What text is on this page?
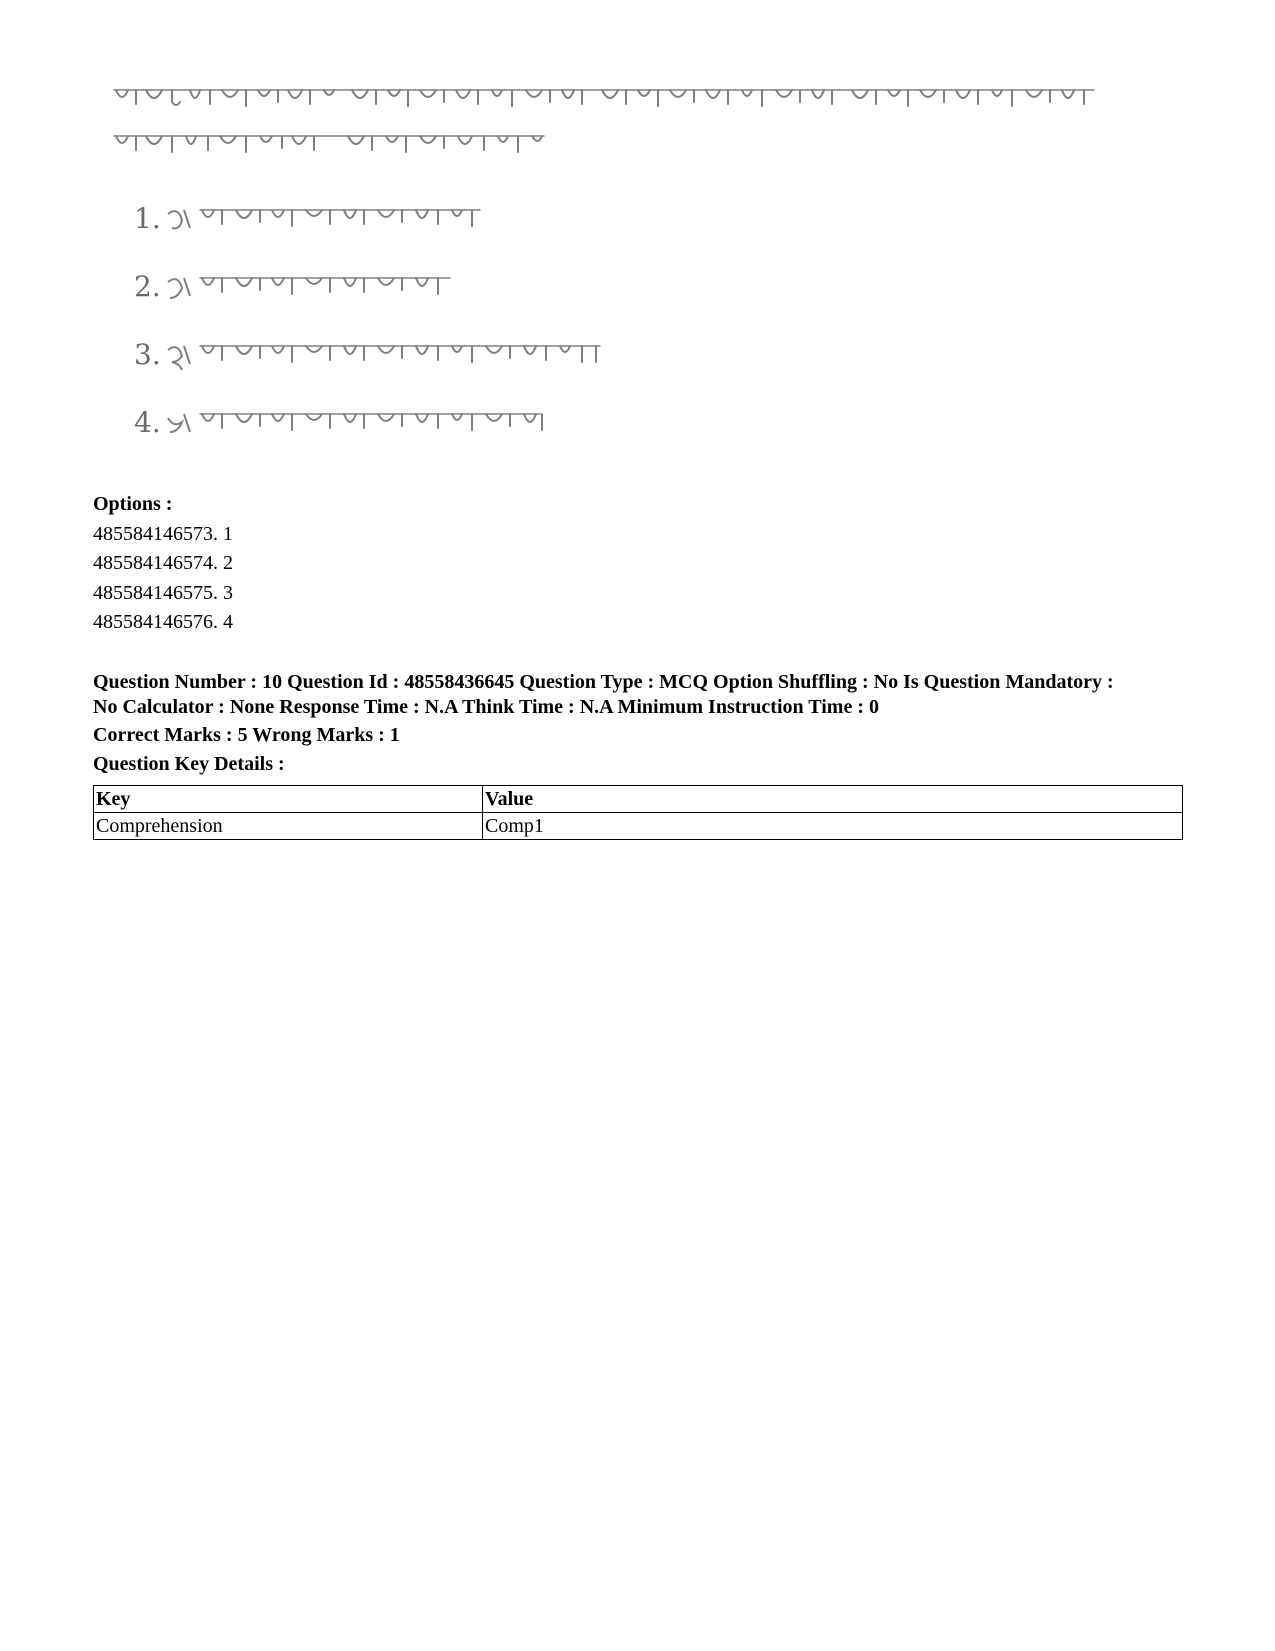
1.
2.
3.
4.
Options :
485584146573. 1
485584146574. 2
485584146575. 3
485584146576. 4

Question Number : 10 Question Id : 48558436645 Question Type : MCQ Option Shuffling : No Is Question Mandatory :

No Calculator : None Response Time : N.A Think Time : N.A Minimum Instruction Time : 0

Correct Marks : 5 Wrong Marks : 1

Question Key Details :

Key	Value
Comprehension	Comp1
